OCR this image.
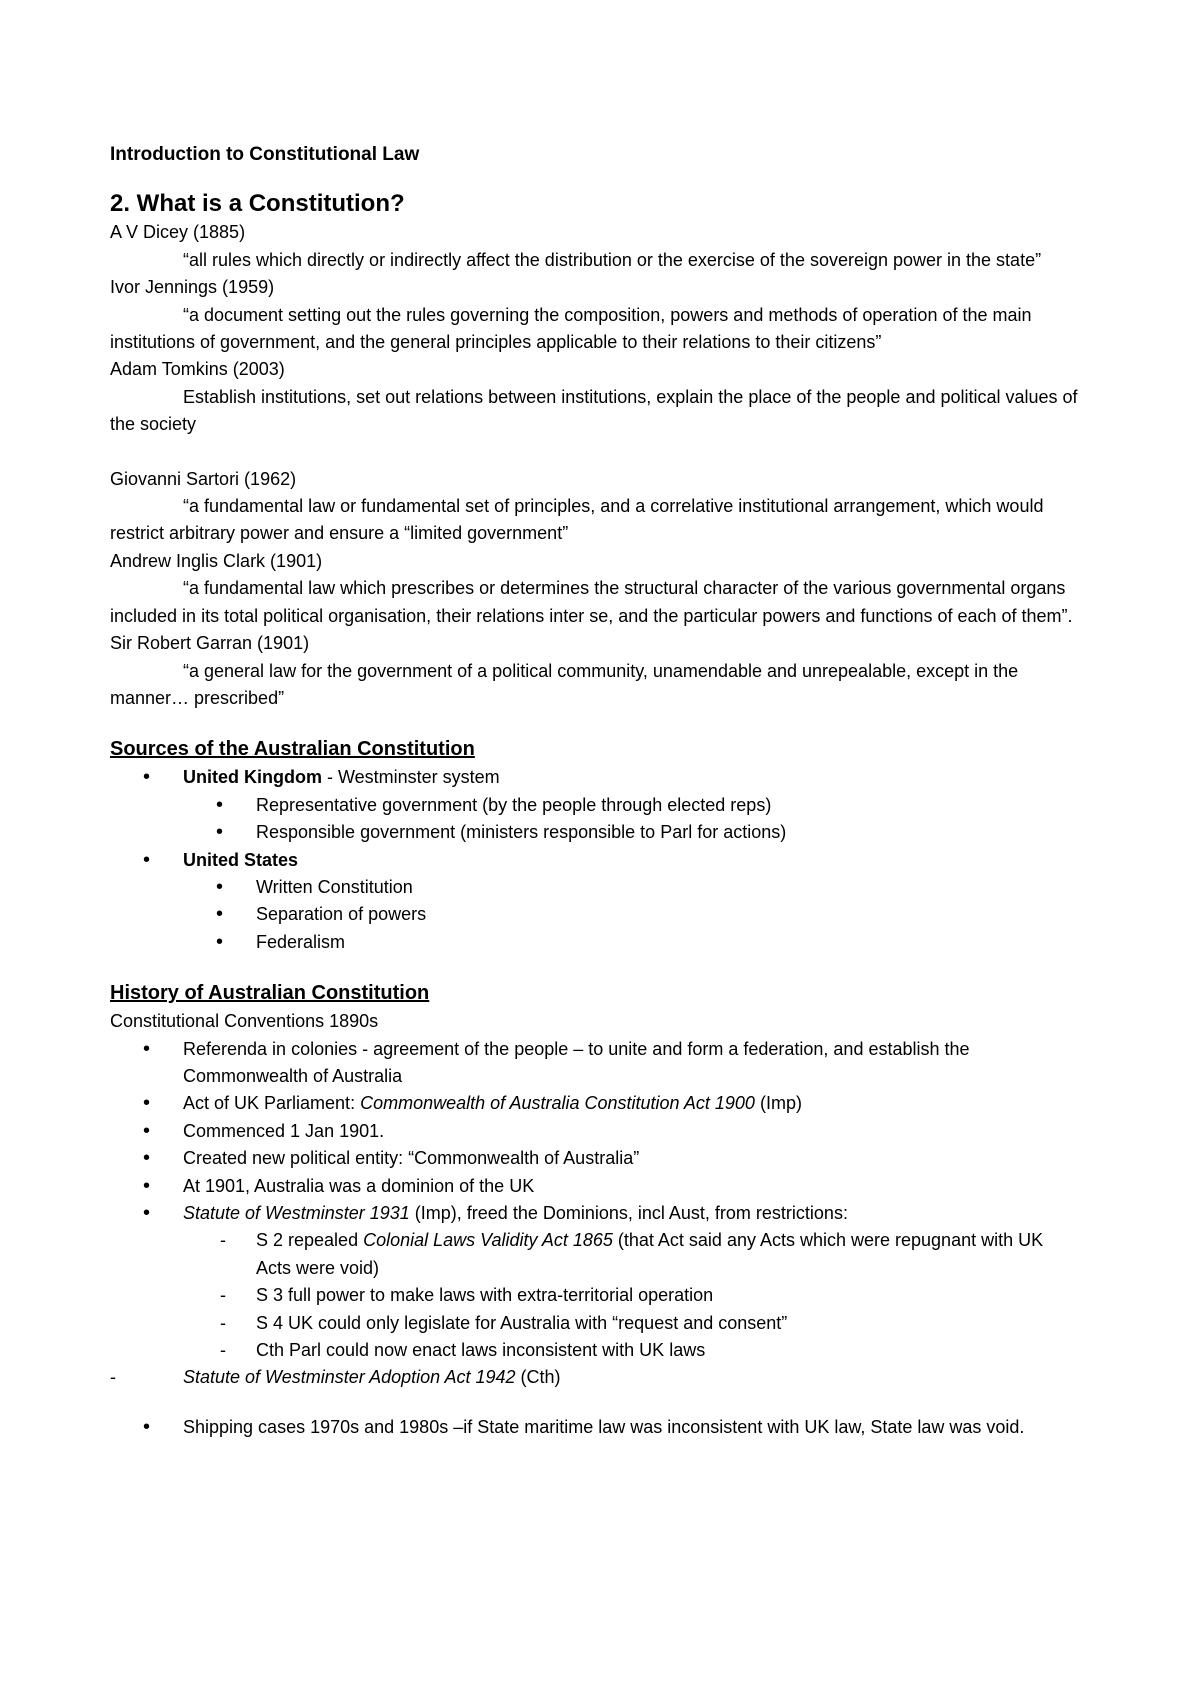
Introduction to Constitutional Law

2. What is a Constitution?

A V Dicey (1885)

“all rules which directly or indirectly affect the distribution or the exercise of the sovereign power in the state”

Ivor Jennings (1959)

“a document setting out the rules governing the composition, powers and methods of operation of the main institutions of government, and the general principles applicable to their relations to their citizens”

Adam Tomkins (2003)

Establish institutions, set out relations between institutions, explain the place of the people and political values of the society

Giovanni Sartori (1962)

“a fundamental law or fundamental set of principles, and a correlative institutional arrangement, which would restrict arbitrary power and ensure a “limited government”

Andrew Inglis Clark (1901)

“a fundamental law which prescribes or determines the structural character of the various governmental organs included in its total political organisation, their relations inter se, and the particular powers and functions of each of them”.

Sir Robert Garran (1901)

“a general law for the government of a political community, unamendable and unrepealable, except in the manner… prescribed”

Sources of the Australian Constitution

• United Kingdom - Westminster system
• Representative government (by the people through elected reps)
• Responsible government (ministers responsible to Parl for actions)
• United States
• Written Constitution
• Separation of powers
• Federalism

History of Australian Constitution

Constitutional Conventions 1890s

• Referenda in colonies - agreement of the people – to unite and form a federation, and establish the Commonwealth of Australia
• Act of UK Parliament: Commonwealth of Australia Constitution Act 1900 (Imp)
• Commenced 1 Jan 1901.
• Created new political entity: “Commonwealth of Australia”
• At 1901, Australia was a dominion of the UK
• Statute of Westminster 1931 (Imp), freed the Dominions, incl Aust, from restrictions:
- S 2 repealed Colonial Laws Validity Act 1865 (that Act said any Acts which were repugnant with UK Acts were void)
- S 3 full power to make laws with extra-territorial operation
- S 4 UK could only legislate for Australia with “request and consent”
- Cth Parl could now enact laws inconsistent with UK laws

- Statute of Westminster Adoption Act 1942 (Cth)

• Shipping cases 1970s and 1980s –if State maritime law was inconsistent with UK law, State law was void.
